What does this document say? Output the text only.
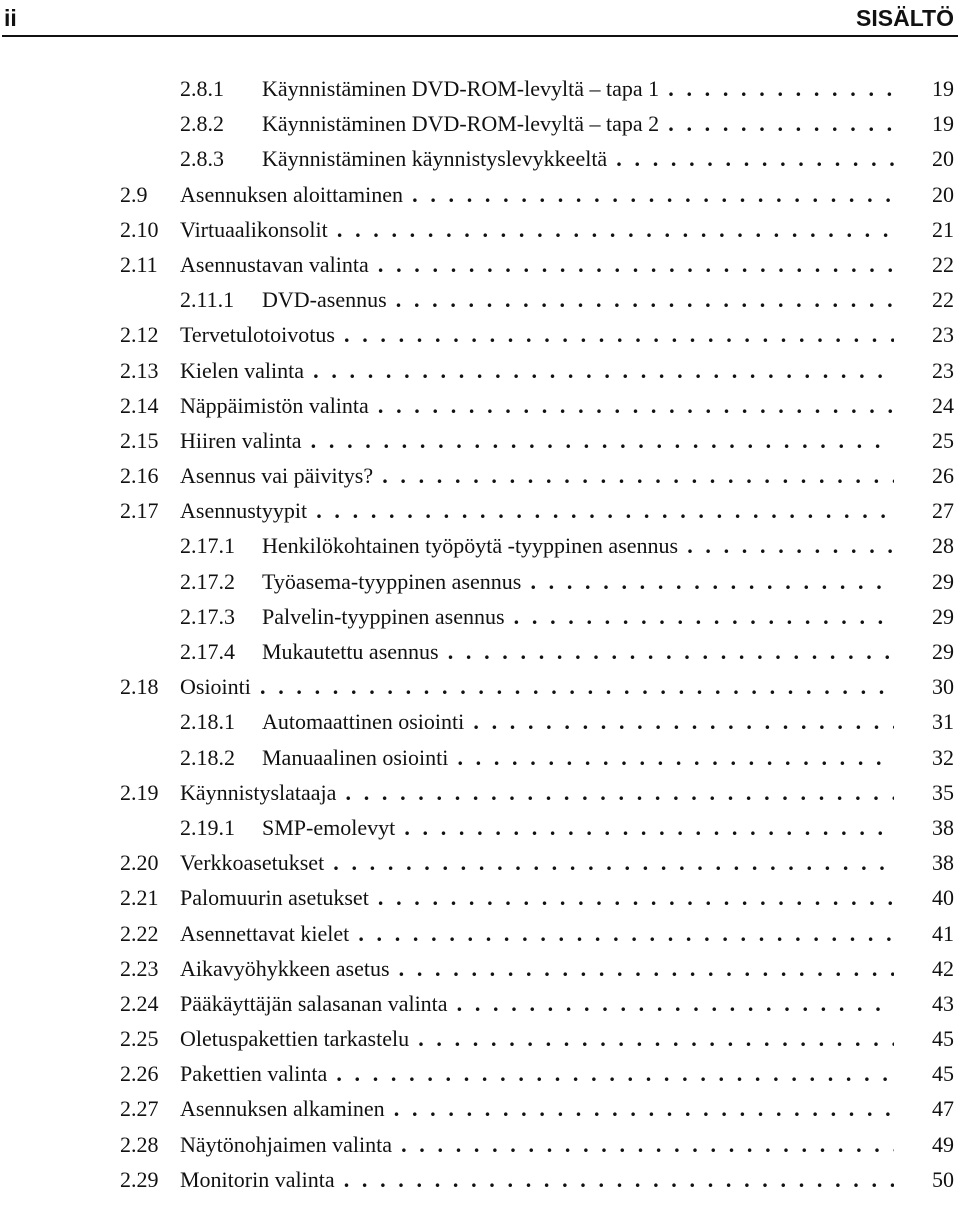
ii	SISÄLTÖ
2.8.1 Käynnistäminen DVD-ROM-levyltä – tapa 1 . . .	19
2.8.2 Käynnistäminen DVD-ROM-levyltä – tapa 2 . . .	19
2.8.3 Käynnistäminen käynnistyslevykkeeltä . . .	20
2.9 Asennuksen aloittaminen . . .	20
2.10 Virtuaalikonsolit . . .	21
2.11 Asennustavan valinta . . .	22
2.11.1 DVD-asennus . . .	22
2.12 Tervetulotoivotus . . .	23
2.13 Kielen valinta . . .	23
2.14 Näppäimistön valinta . . .	24
2.15 Hiiren valinta . . .	25
2.16 Asennus vai päivitys? . . .	26
2.17 Asennustyypit . . .	27
2.17.1 Henkilökohtainen työpöytä -tyyppinen asennus . . .	28
2.17.2 Työasema-tyyppinen asennus . . .	29
2.17.3 Palvelin-tyyppinen asennus . . .	29
2.17.4 Mukautettu asennus . . .	29
2.18 Osiointi . . .	30
2.18.1 Automaattinen osiointi . . .	31
2.18.2 Manuaalinen osiointi . . .	32
2.19 Käynnistyslataaja . . .	35
2.19.1 SMP-emolevyt . . .	38
2.20 Verkkoasetukset . . .	38
2.21 Palomuurin asetukset . . .	40
2.22 Asennettavat kielet . . .	41
2.23 Aikavyöhykkeen asetus . . .	42
2.24 Pääkäyttäjän salasanan valinta . . .	43
2.25 Oletuspakettien tarkastelu . . .	45
2.26 Pakettien valinta . . .	45
2.27 Asennuksen alkaminen . . .	47
2.28 Näytönohjaimen valinta . . .	49
2.29 Monitorin valinta . . .	50
